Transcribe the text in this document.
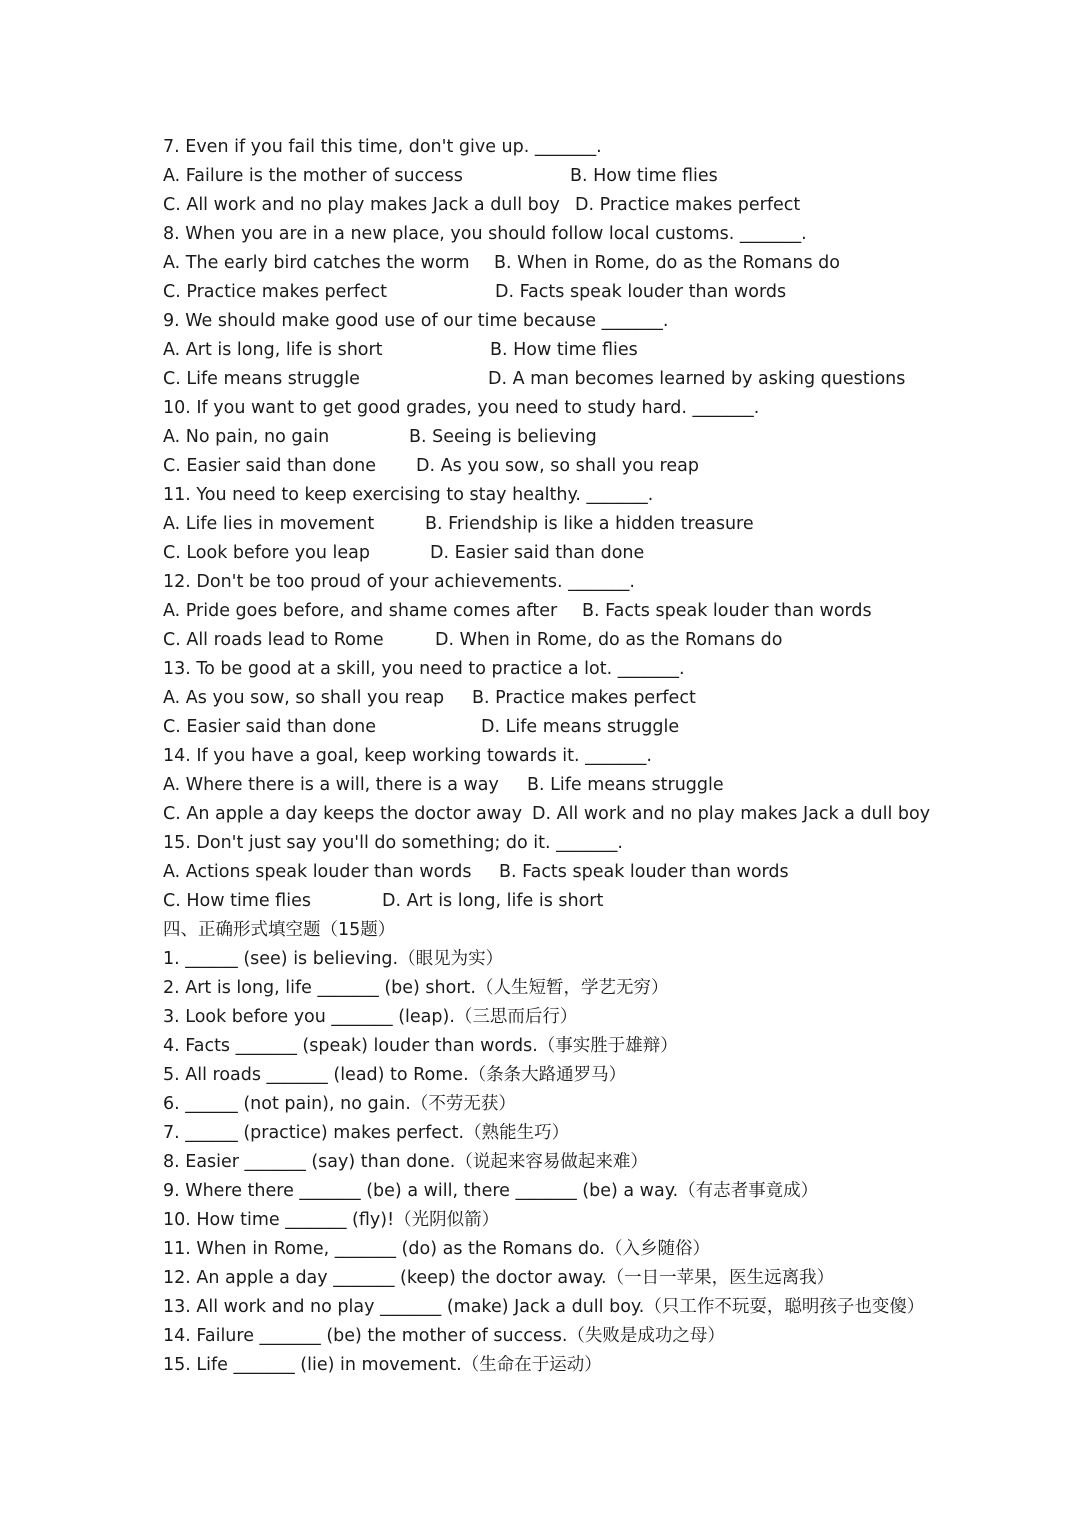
7. Even if you fail this time, don't give up. _______.
A. Failure is the mother of success	B. How time flies
C. All work and no play makes Jack a dull boy D. Practice makes perfect
8. When you are in a new place, you should follow local customs. _______.
A. The early bird catches the worm	B. When in Rome, do as the Romans do
C. Practice makes perfect	D. Facts speak louder than words
9. We should make good use of our time because _______.
A. Art is long, life is short	B. How time flies
C. Life means struggle	D. A man becomes learned by asking questions
10. If you want to get good grades, you need to study hard. _______.
A. No pain, no gain	B. Seeing is believing
C. Easier said than done	D. As you sow, so shall you reap
11. You need to keep exercising to stay healthy. _______.
A. Life lies in movement	B. Friendship is like a hidden treasure
C. Look before you leap	D. Easier said than done
12. Don't be too proud of your achievements. _______.
A. Pride goes before, and shame comes after	B. Facts speak louder than words
C. All roads lead to Rome	D. When in Rome, do as the Romans do
13. To be good at a skill, you need to practice a lot. _______.
A. As you sow, so shall you reap	B. Practice makes perfect
C. Easier said than done	D. Life means struggle
14. If you have a goal, keep working towards it. _______.
A. Where there is a will, there is a way	B. Life means struggle
C. An apple a day keeps the doctor away D. All work and no play makes Jack a dull boy
15. Don't just say you'll do something; do it. _______.
A. Actions speak louder than words	B. Facts speak louder than words
C. How time flies	D. Art is long, life is short
四、正确形式填空题（15题）
1. ______ (see) is believing.（眼见为实）
2. Art is long, life _______ (be) short.（人生短暂，学艺无穷）
3. Look before you _______ (leap).（三思而后行）
4. Facts _______ (speak) louder than words.（事实胜于雄辩）
5. All roads _______ (lead) to Rome.（条条大路通罗马）
6. ______ (not pain), no gain.（不劳无获）
7. ______ (practice) makes perfect.（熟能生巧）
8. Easier _______ (say) than done.（说起来容易做起来难）
9. Where there _______ (be) a will, there _______ (be) a way.（有志者事竟成）
10. How time _______ (fly)!（光阴似箭）
11. When in Rome, _______ (do) as the Romans do.（入乡随俗）
12. An apple a day _______ (keep) the doctor away.（一日一苹果，医生远离我）
13. All work and no play _______ (make) Jack a dull boy.（只工作不玩耍，聪明孩子也变傻）
14. Failure _______ (be) the mother of success.（失败是成功之母）
15. Life _______ (lie) in movement.（生命在于运动）
